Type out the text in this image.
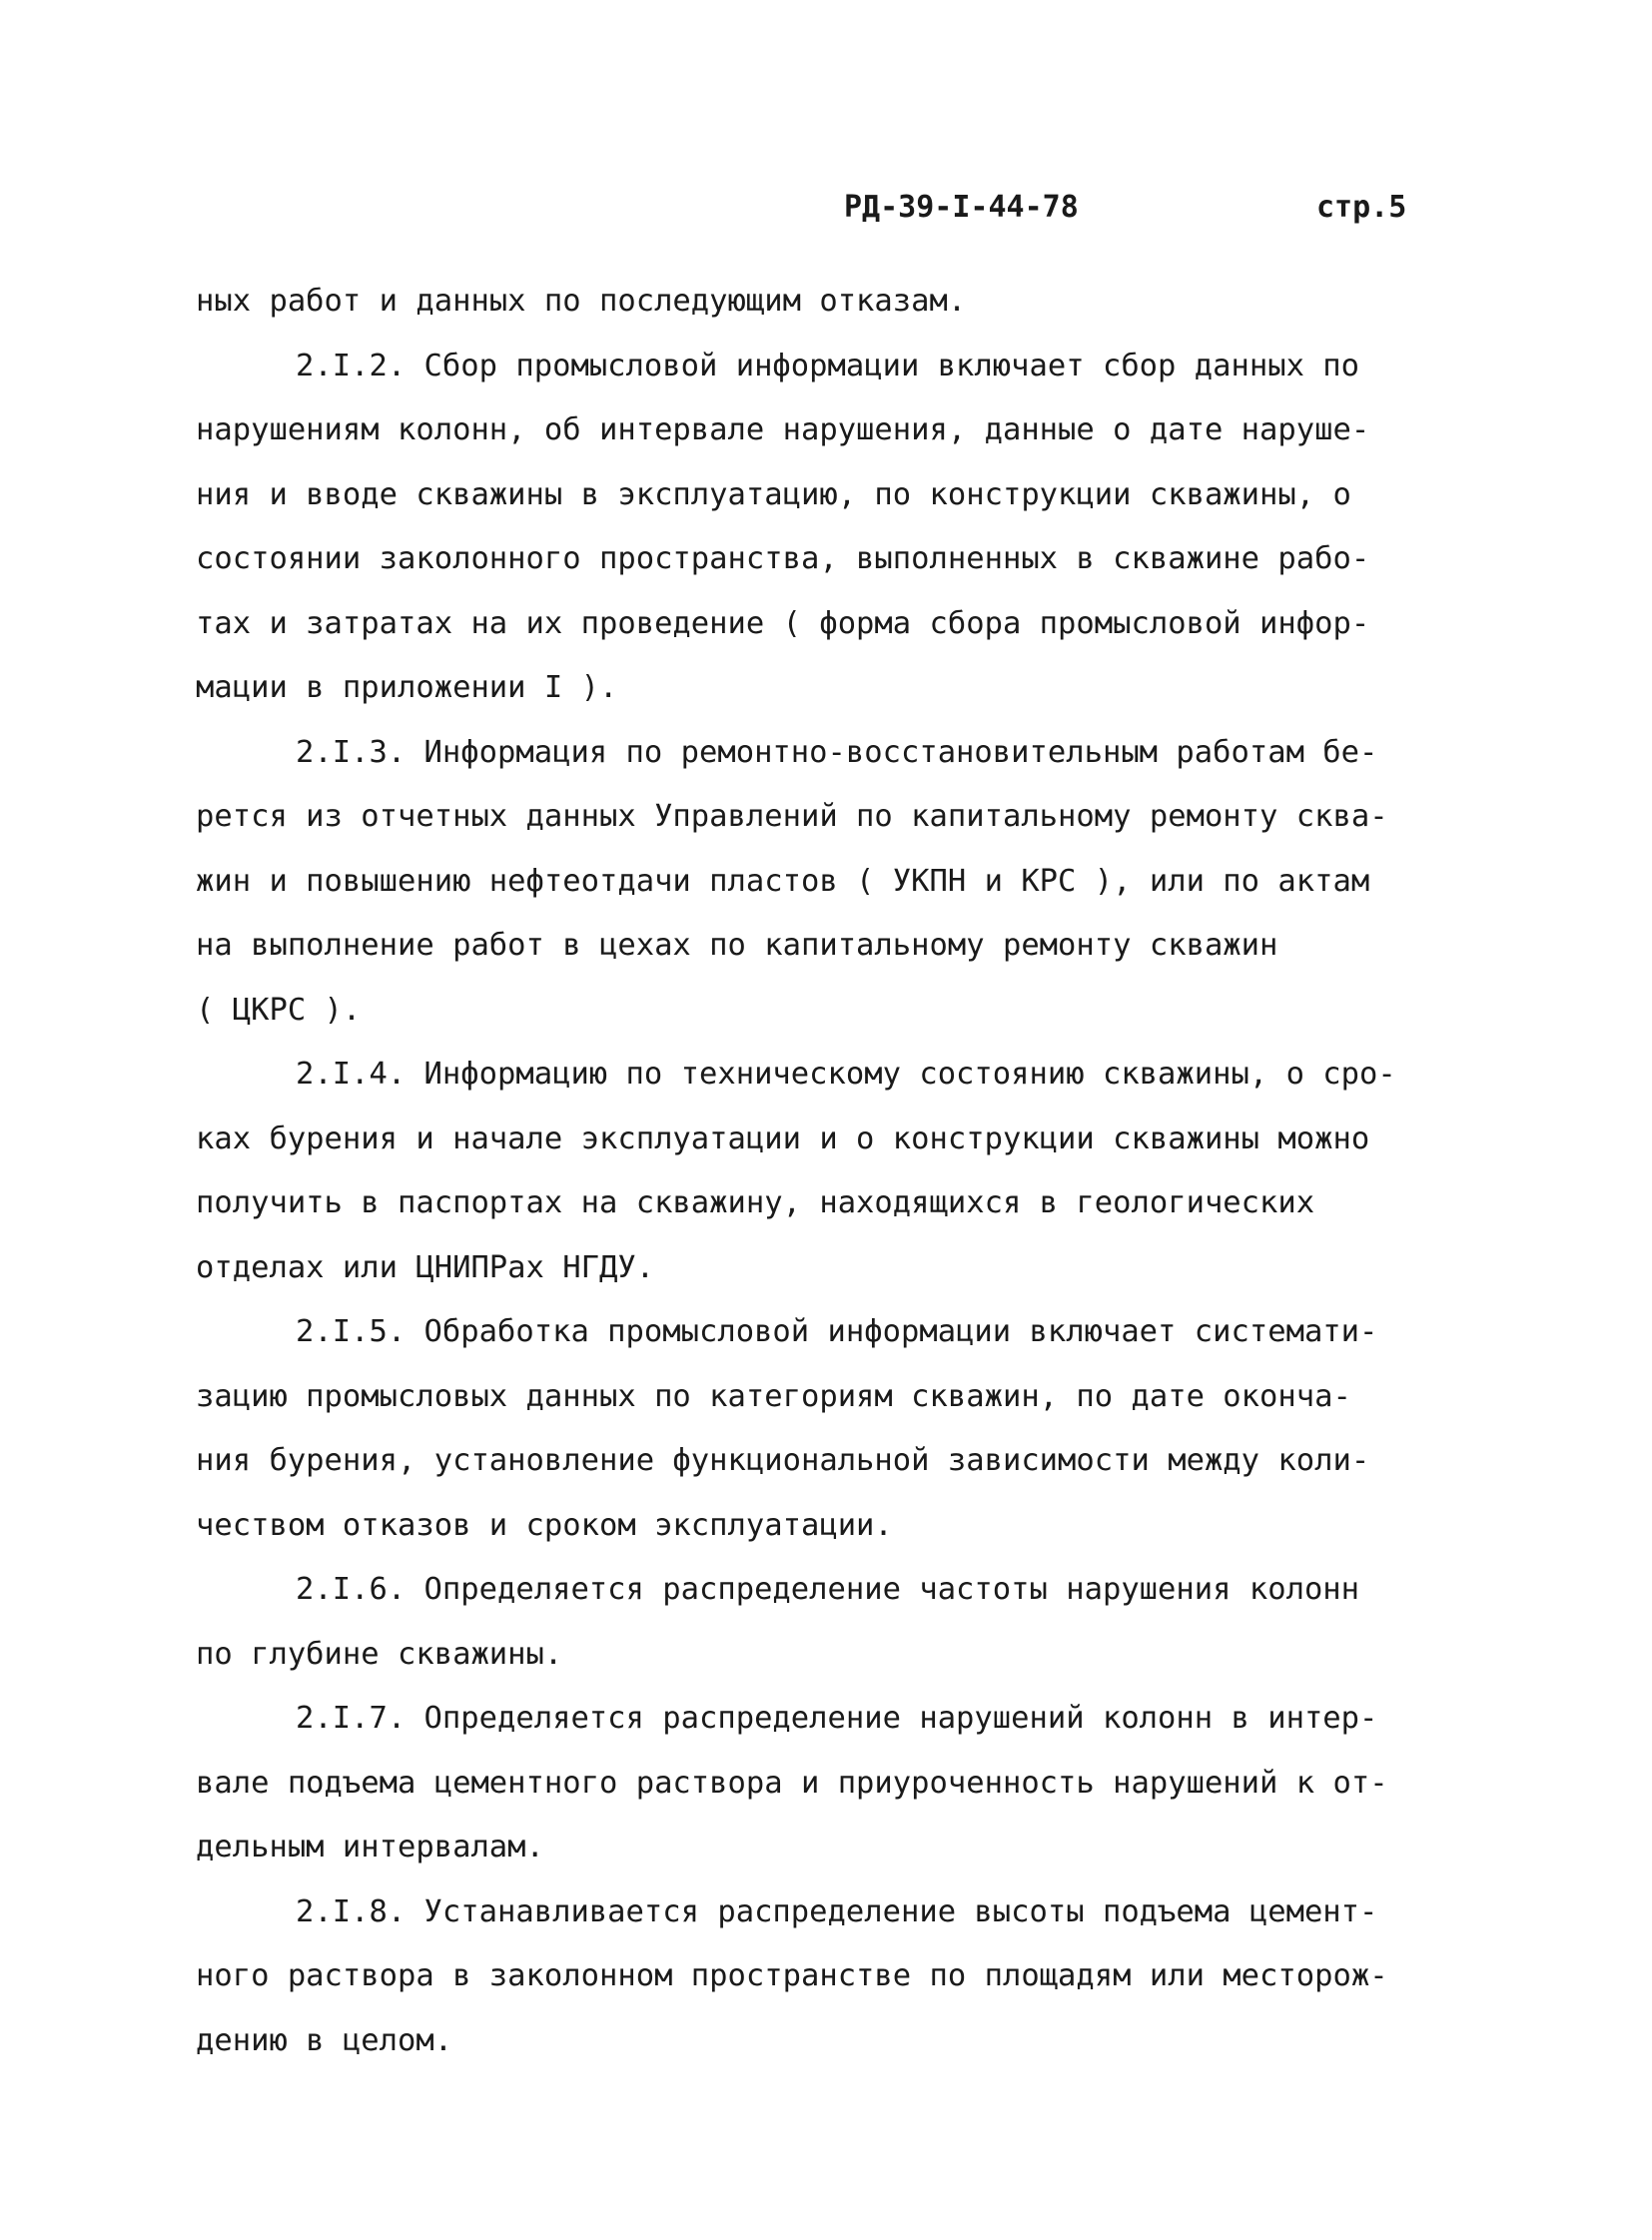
РД-39-I-44-78	стр.5
ных работ и данных по последующим отказам.
2.I.2. Сбор промысловой информации включает сбор данных по
нарушениям колонн, об интервале нарушения, данные о дате наруше-
ния и вводе скважины в эксплуатацию, по конструкции скважины, о
состоянии заколонного пространства, выполненных в скважине рабо-
тах и затратах на их проведение ( форма сбора промысловой инфор-
мации в приложении I ).
2.I.3. Информация по ремонтно-восстановительным работам бе-
рется из отчетных данных Управлений по капитальному ремонту сква-
жин и повышению нефтеотдачи пластов ( УКПН и КРС ), или по актам
на выполнение работ в цехах по капитальному ремонту скважин
( ЦКРС ).
2.I.4. Информацию по техническому состоянию скважины, о сро-
ках бурения и начале эксплуатации и о конструкции скважины можно
получить в паспортах на скважину, находящихся в геологических
отделах или ЦНИПРах НГДУ.
2.I.5. Обработка промысловой информации включает системати-
зацию промысловых данных по категориям скважин, по дате оконча-
ния бурения, установление функциональной зависимости между коли-
чеством отказов и сроком эксплуатации.
2.I.6. Определяется распределение частоты нарушения колонн
по глубине скважины.
2.I.7. Определяется распределение нарушений колонн в интер-
вале подъема цементного раствора и приуроченность нарушений к от-
дельным интервалам.
2.I.8. Устанавливается распределение высоты подъема цемент-
ного раствора в заколонном пространстве по площадям или месторож-
дению в целом.
